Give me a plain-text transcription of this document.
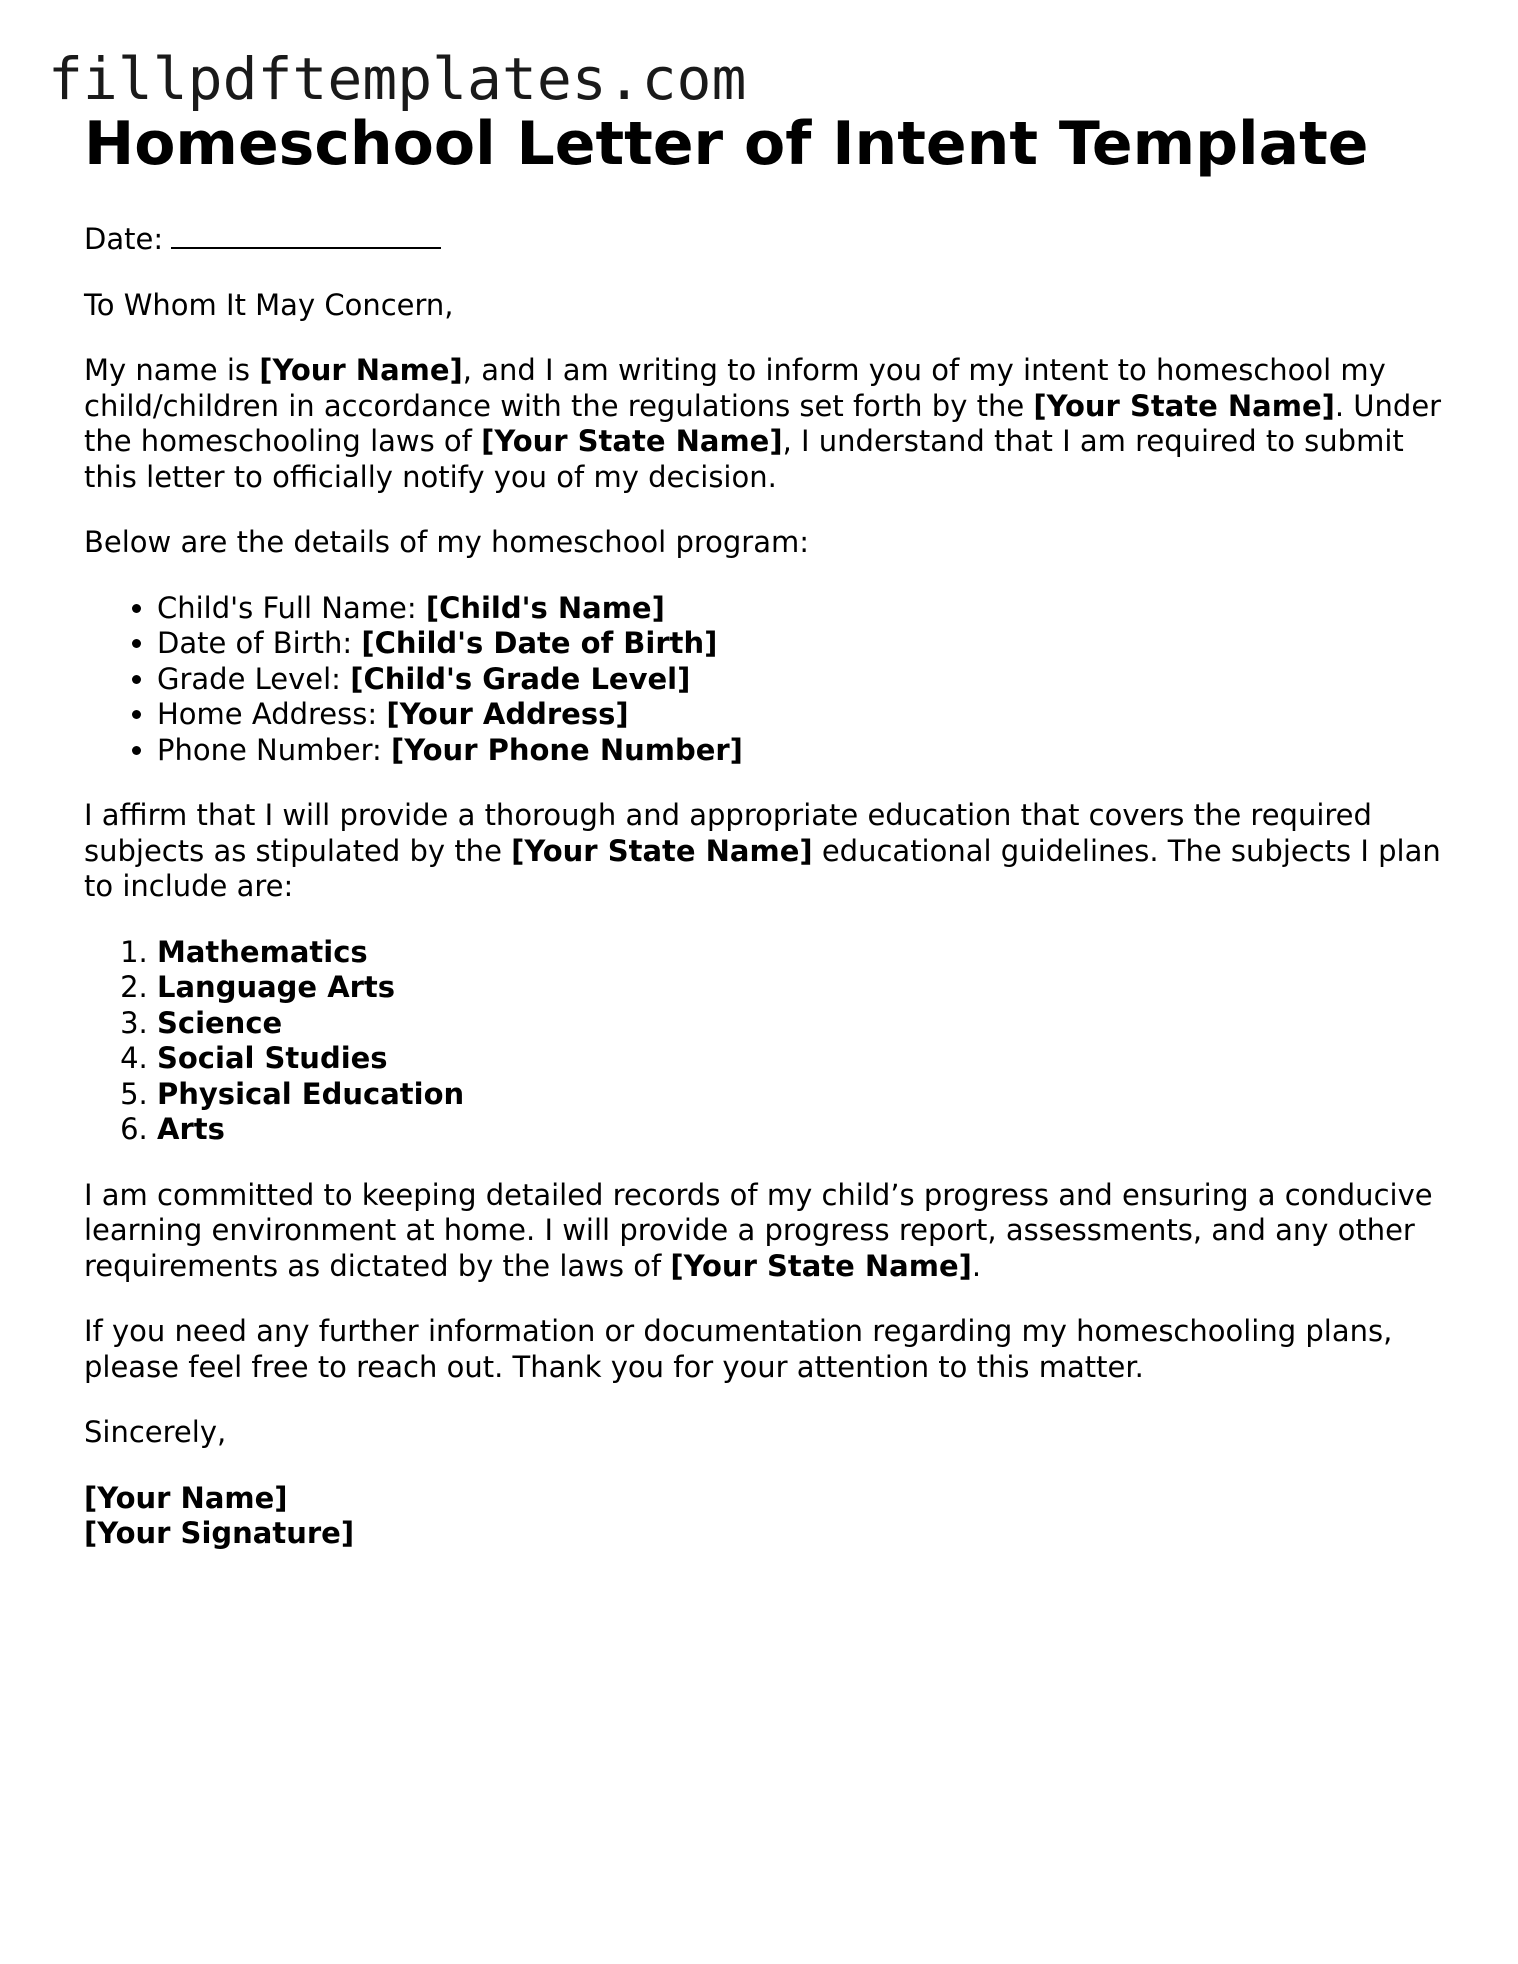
fillpdftemplates.com
Homeschool Letter of Intent Template

Date:

To Whom It May Concern,

My name is [Your Name], and I am writing to inform you of my intent to homeschool my child/children in accordance with the regulations set forth by the [Your State Name]. Under the homeschooling laws of [Your State Name], I understand that I am required to submit this letter to officially notify you of my decision.

Below are the details of my homeschool program:

• Child's Full Name: [Child's Name]
• Date of Birth: [Child's Date of Birth]
• Grade Level: [Child's Grade Level]
• Home Address: [Your Address]
• Phone Number: [Your Phone Number]

I affirm that I will provide a thorough and appropriate education that covers the required subjects as stipulated by the [Your State Name] educational guidelines. The subjects I plan to include are:

1. Mathematics
2. Language Arts
3. Science
4. Social Studies
5. Physical Education
6. Arts

I am committed to keeping detailed records of my child’s progress and ensuring a conducive learning environment at home. I will provide a progress report, assessments, and any other requirements as dictated by the laws of [Your State Name].

If you need any further information or documentation regarding my homeschooling plans, please feel free to reach out. Thank you for your attention to this matter.

Sincerely,

[Your Name]
[Your Signature]
